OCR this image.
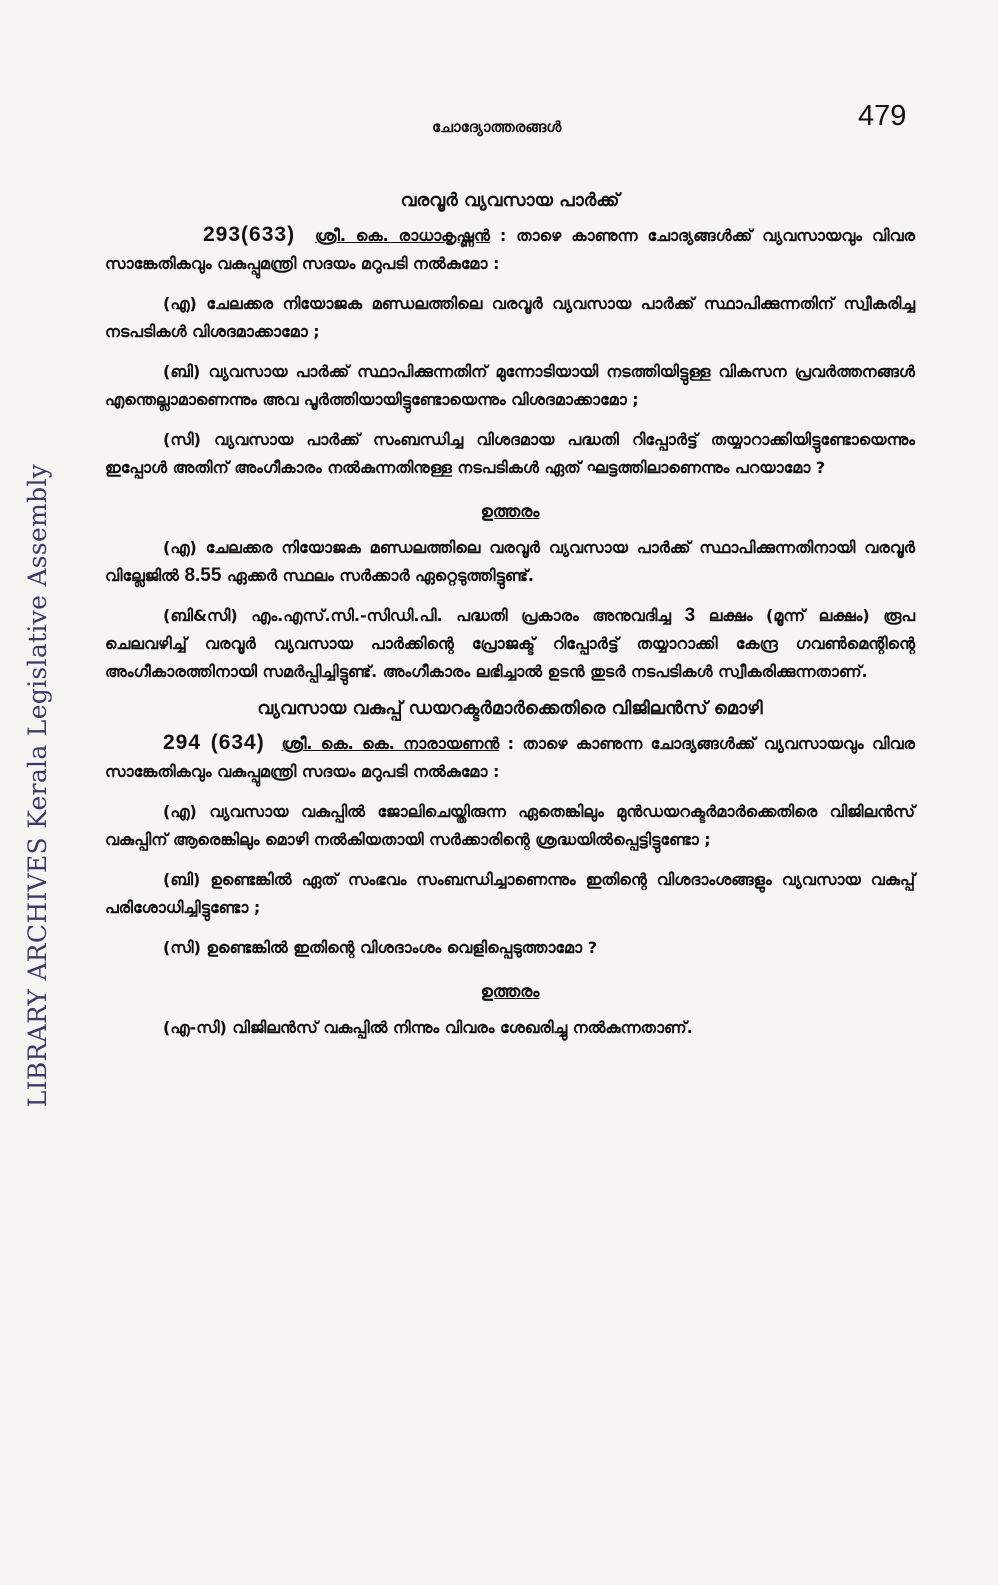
LIBRARY ARCHIVES Kerala Legislative Assembly
ചോദ്യോത്തരങ്ങൾ	479
വരവൂർ വ്യവസായ പാർക്ക്

293(633) ശ്രീ. കെ. രാധാകൃഷ്ണൻ : താഴെ കാണുന്ന ചോദ്യങ്ങൾക്ക് വ്യവസായവും വിവര സാങ്കേതികവും വകുപ്പുമന്ത്രി സദയം മറുപടി നൽകുമോ :

(എ) ചേലക്കര നിയോജക മണ്ഡലത്തിലെ വരവൂർ വ്യവസായ പാർക്ക് സ്ഥാപിക്കുന്നതിന് സ്വീകരിച്ച നടപടികൾ വിശദമാക്കാമോ ;

(ബി) വ്യവസായ പാർക്ക് സ്ഥാപിക്കുന്നതിന് മുന്നോടിയായി നടത്തിയിട്ടുള്ള വികസന പ്രവർത്തനങ്ങൾ എന്തെല്ലാമാണെന്നും അവ പൂർത്തിയായിട്ടുണ്ടോയെന്നും വിശദമാക്കാമോ ;

(സി) വ്യവസായ പാർക്ക് സംബന്ധിച്ച വിശദമായ പദ്ധതി റിപ്പോർട്ട് തയ്യാറാക്കിയിട്ടുണ്ടോയെന്നും ഇപ്പോൾ അതിന് അംഗീകാരം നൽകുന്നതിനുള്ള നടപടികൾ ഏത് ഘട്ടത്തിലാണെന്നും പറയാമോ ?

ഉത്തരം

(എ) ചേലക്കര നിയോജക മണ്ഡലത്തിലെ വരവൂർ വ്യവസായ പാർക്ക് സ്ഥാപിക്കുന്നതിനായി വരവൂർ വില്ലേജിൽ 8.55 ഏക്കർ സ്ഥലം സർക്കാർ ഏറ്റെടുത്തിട്ടുണ്ട്.

(ബി&സി) എം.എസ്.സി.-സിഡി.പി. പദ്ധതി പ്രകാരം അനുവദിച്ച 3 ലക്ഷം (മൂന്ന് ലക്ഷം) രൂപ ചെലവഴിച്ച് വരവൂർ വ്യവസായ പാർക്കിന്റെ പ്രോജക്ട് റിപ്പോർട്ട് തയ്യാറാക്കി കേന്ദ്ര ഗവൺമെന്റിന്റെ അംഗീകാരത്തിനായി സമർപ്പിച്ചിട്ടുണ്ട്. അംഗീകാരം ലഭിച്ചാൽ ഉടൻ തുടർ നടപടികൾ സ്വീകരിക്കുന്നതാണ്.

വ്യവസായ വകുപ്പ് ഡയറക്ടർമാർക്കെതിരെ വിജിലൻസ് മൊഴി

294 (634) ശ്രീ. കെ. കെ. നാരായണൻ : താഴെ കാണുന്ന ചോദ്യങ്ങൾക്ക് വ്യവസായവും വിവര സാങ്കേതികവും വകുപ്പുമന്ത്രി സദയം മറുപടി നൽകുമോ :

(എ) വ്യവസായ വകുപ്പിൽ ജോലിചെയ്തിരുന്ന ഏതെങ്കിലും മുൻഡയറക്ടർമാർക്കെതിരെ വിജിലൻസ് വകുപ്പിന് ആരെങ്കിലും മൊഴി നൽകിയതായി സർക്കാരിന്റെ ശ്രദ്ധയിൽപ്പെട്ടിട്ടുണ്ടോ ;

(ബി) ഉണ്ടെങ്കിൽ ഏത് സംഭവം സംബന്ധിച്ചാണെന്നും ഇതിന്റെ വിശദാംശങ്ങളും വ്യവസായ വകുപ്പ് പരിശോധിച്ചിട്ടുണ്ടോ ;

(സി) ഉണ്ടെങ്കിൽ ഇതിന്റെ വിശദാംശം വെളിപ്പെടുത്താമോ ?

ഉത്തരം

(എ-സി) വിജിലൻസ് വകുപ്പിൽ നിന്നും വിവരം ശേഖരിച്ചു നൽകുന്നതാണ്.
